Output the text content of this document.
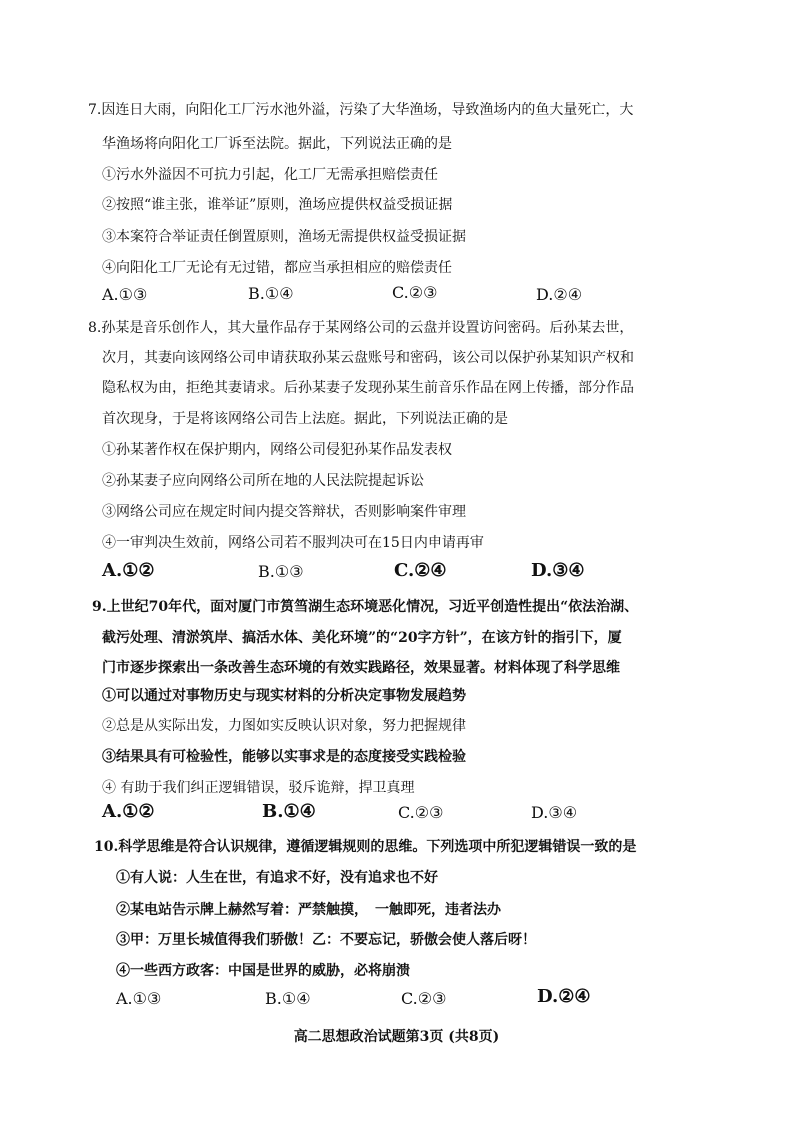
7.因连日大雨，向阳化工厂污水池外溢，污染了大华渔场，导致渔场内的鱼大量死亡，大
华渔场将向阳化工厂诉至法院。据此，下列说法正确的是
①污水外溢因不可抗力引起，化工厂无需承担赔偿责任
②按照“谁主张，谁举证”原则，渔场应提供权益受损证据
③本案符合举证责任倒置原则，渔场无需提供权益受损证据
④向阳化工厂无论有无过错，都应当承担相应的赔偿责任
A.①③	B.①④	C.②③	D.②④
8.孙某是音乐创作人，其大量作品存于某网络公司的云盘并设置访问密码。后孙某去世，
次月，其妻向该网络公司申请获取孙某云盘账号和密码，该公司以保护孙某知识产权和
隐私权为由，拒绝其妻请求。后孙某妻子发现孙某生前音乐作品在网上传播，部分作品
首次现身，于是将该网络公司告上法庭。据此，下列说法正确的是
①孙某著作权在保护期内，网络公司侵犯孙某作品发表权
②孙某妻子应向网络公司所在地的人民法院提起诉讼
③网络公司应在规定时间内提交答辩状，否则影响案件审理
④一审判决生效前，网络公司若不服判决可在15日内申请再审
A.①②	B.①③	C.②④	D.③④
9.上世纪70年代，面对厦门市筼筜湖生态环境恶化情况，习近平创造性提出“依法治湖、
截污处理、清淤筑岸、搞活水体、美化环境”的“20字方针”，在该方针的指引下，厦
门市逐步探索出一条改善生态环境的有效实践路径，效果显著。材料体现了科学思维
①可以通过对事物历史与现实材料的分析决定事物发展趋势
②总是从实际出发，力图如实反映认识对象，努力把握规律
③结果具有可检验性，能够以实事求是的态度接受实践检验
④ 有助于我们纠正逻辑错误，驳斥诡辩，捍卫真理
A.①②	B.①④	C.②③	D.③④
10.科学思维是符合认识规律，遵循逻辑规则的思维。下列选项中所犯逻辑错误一致的是
①有人说：人生在世，有追求不好，没有追求也不好
②某电站告示牌上赫然写着：严禁触摸，　一触即死，违者法办
③甲：万里长城值得我们骄傲！乙：不要忘记，骄傲会使人落后呀！
④一些西方政客：中国是世界的威胁，必将崩溃
A.①③	B.①④	C.②③	D.②④
高二思想政治试题第3页 (共8页)
